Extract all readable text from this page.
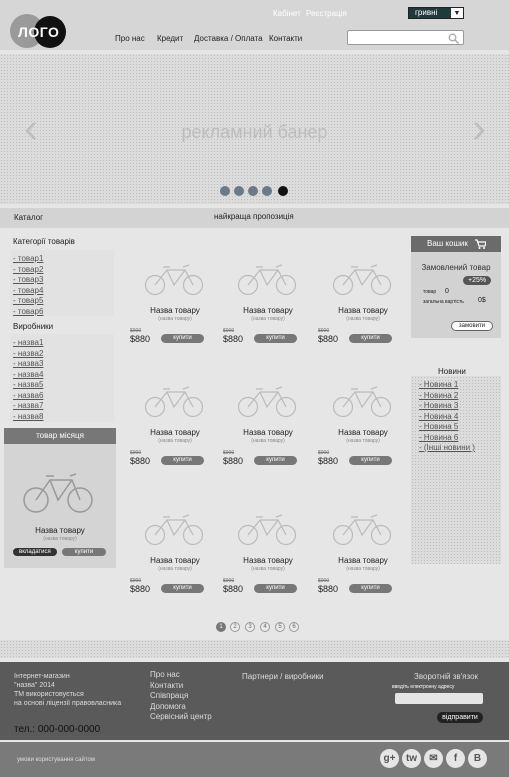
ЛОГО
Кабінет Реєстрація	гривні	▼
Про нас Кредит Доставка / Оплата Контакти
рекламний банер
‹	›
Каталог	найкраща пропозиція
Категорії товарів
- товар1
- товар2
- товар3
- товар4
- товар5
- товар6
Виробники
- назва1
- назва2
- назва3
- назва4
- назва5
- назва6
- назва7
- назва8
товар місяця
Назва товару
(назва товару)
вкладатися	купити
Назва товару
(назва товару)
$900
$880	купити
Назва товару
(назва товару)
$900
$880	купити
Назва товару
(назва товару)
$900
$880	купити
Назва товару
(назва товару)
$900
$880	купити
Назва товару
(назва товару)
$900
$880	купити
Назва товару
(назва товару)
$900
$880	купити
Назва товару
(назва товару)
$900
$880	купити
Назва товару
(назва товару)
$900
$880	купити
Назва товару
(назва товару)
$900
$880	купити
Ваш кошик
Замовлений товар
+25%
товар 0
загальна вартість 0$
замовити
Новини
- Новина 1
- Новина 2
- Новина 3
- Новина 4
- Новина 5
- Новина 6
- (Інші новини )
1	2	3	4	5	6
Інтернет-магазин
"назва" 2014
ТМ використовується
на основі ліцензії правовласника
тел.: 000-000-0000
Про нас
Контакти
Співпраця
Допомога
Сервісний центр
Партнери / виробники	Зворотній зв'язок
введіть електронну адресу
відправити
умови користування сайтом	g+	tw	✉	f	B
